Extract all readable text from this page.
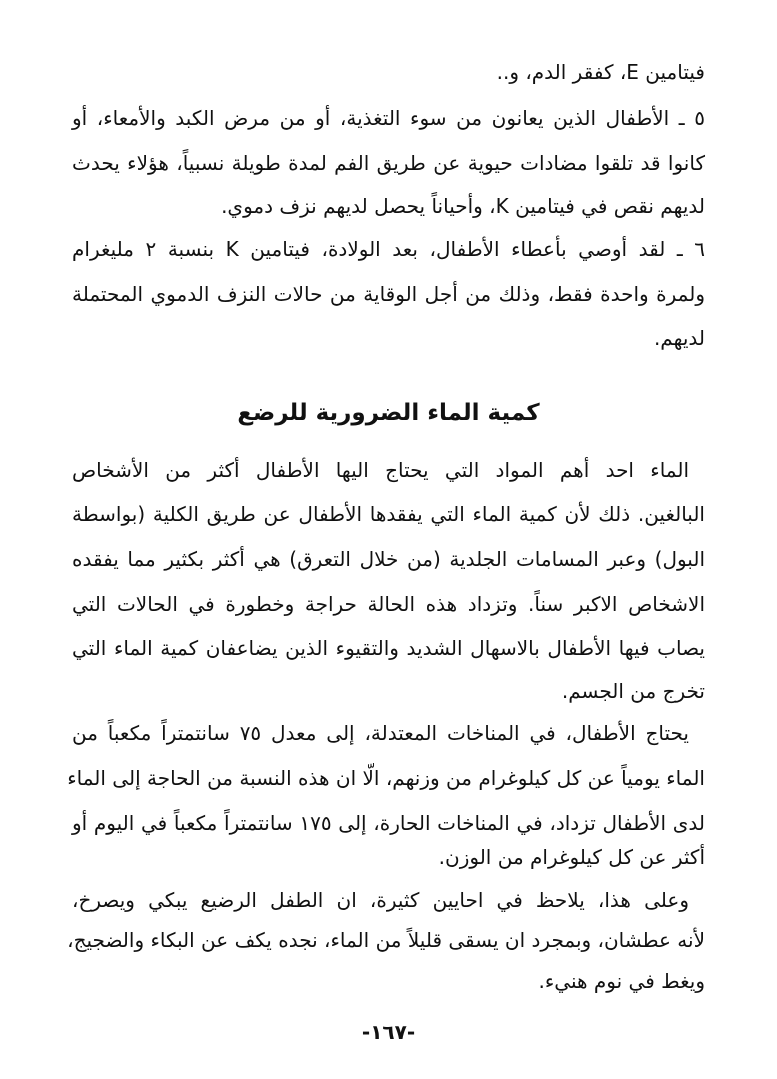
فيتامين E، كفقر الدم، و..
٥ ـ الأطفال الذين يعانون من سوء التغذية، أو من مرض الكبد والأمعاء، أو
كانوا قد تلقوا مضادات حيوية عن طريق الفم لمدة طويلة نسبياً، هؤلاء يحدث
لديهم نقص في فيتامين K، وأحياناً يحصل لديهم نزف دموي.
٦ ـ لقد أوصي بأعطاء الأطفال، بعد الولادة، فيتامين K بنسبة ٢ مليغرام
ولمرة واحدة فقط، وذلك من أجل الوقاية من حالات النزف الدموي المحتملة
لديهم.
كمية الماء الضرورية للرضع
الماء احد أهم المواد التي يحتاج اليها الأطفال أكثر من الأشخاص
البالغين. ذلك لأن كمية الماء التي يفقدها الأطفال عن طريق الكلية (بواسطة
البول) وعبر المسامات الجلدية (من خلال التعرق) هي أكثر بكثير مما يفقده
الاشخاص الاكبر سناً. وتزداد هذه الحالة حراجة وخطورة في الحالات التي
يصاب فيها الأطفال بالاسهال الشديد والتقيوء الذين يضاعفان كمية الماء التي
تخرج من الجسم.
يحتاج الأطفال، في المناخات المعتدلة، إلى معدل ٧٥ سانتمتراً مكعباً من
الماء يومياً عن كل كيلوغرام من وزنهم، الّا ان هذه النسبة من الحاجة إلى الماء
لدى الأطفال تزداد، في المناخات الحارة، إلى ١٧٥ سانتمتراً مكعباً في اليوم أو
أكثر عن كل كيلوغرام من الوزن.
وعلى هذا، يلاحظ في احايين كثيرة، ان الطفل الرضيع يبكي ويصرخ،
لأنه عطشان، وبمجرد ان يسقى قليلاً من الماء، نجده يكف عن البكاء والضجيج،
ويغط في نوم هنيء.
-١٦٧-
